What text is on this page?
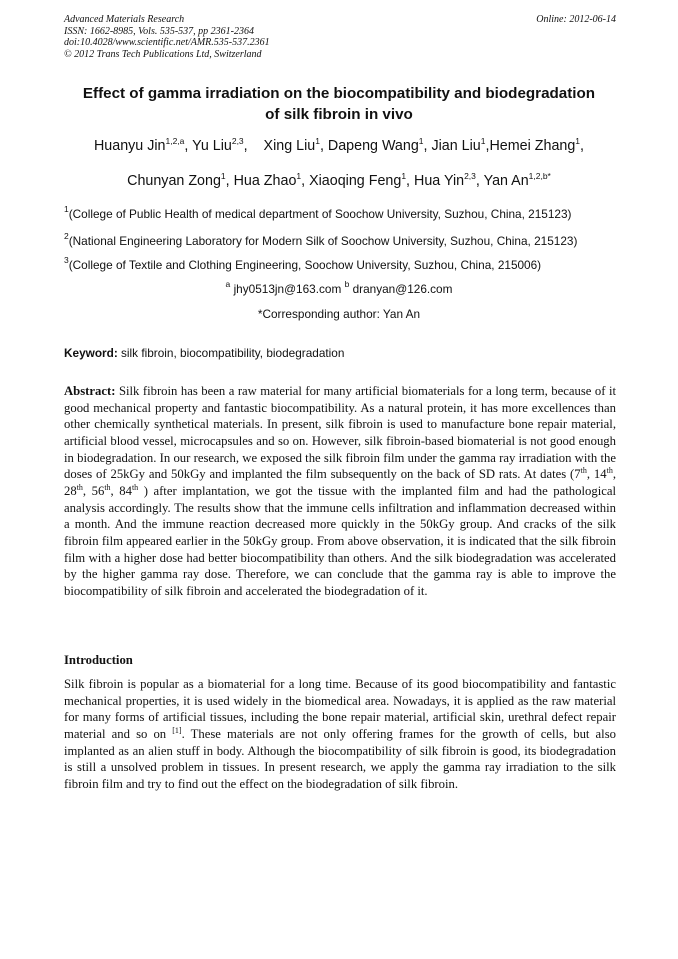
Advanced Materials Research
ISSN: 1662-8985, Vols. 535-537, pp 2361-2364
doi:10.4028/www.scientific.net/AMR.535-537.2361
© 2012 Trans Tech Publications Ltd, Switzerland
Online: 2012-06-14
Effect of gamma irradiation on the biocompatibility and biodegradation
of silk fibroin in vivo
Huanyu Jin$^{1,2,a}$, Yu Liu$^{2,3}$,    Xing Liu$^1$, Dapeng Wang$^1$, Jian Liu$^1$,Hemei Zhang$^1$,
Chunyan Zong$^1$, Hua Zhao$^1$, Xiaoqing Feng$^1$, Hua Yin$^{2,3}$, Yan $An^{1,2,b*}$
$^1$(College of Public Health of medical department of Soochow University, Suzhou, China, 215123)
$^2$(National Engineering Laboratory for Modern Silk of Soochow University, Suzhou, China, 215123)
$^3$(College of Textile and Clothing Engineering, Soochow University, Suzhou, China, 215006)
$^a$ jhy0513jn@163.com $^b$ dranyan@126.com
*Corresponding author: Yan An
Keyword: silk fibroin, biocompatibility, biodegradation
Abstract: Silk fibroin has been a raw material for many artificial biomaterials for a long term, because of it good mechanical property and fantastic biocompatibility. As a natural protein, it has more excellences than other chemically synthetical materials. In present, silk fibroin is used to manufacture bone repair material, artificial blood vessel, microcapsules and so on. However, silk fibroin-based biomaterial is not good enough in biodegradation. In our research, we exposed the silk fibroin film under the gamma ray irradiation with the doses of 25kGy and 50kGy and implanted the film subsequently on the back of SD rats. At dates (7th, 14th, 28th, 56th, 84th ) after implantation, we got the tissue with the implanted film and had the pathological analysis accordingly. The results show that the immune cells infiltration and inflammation decreased within a month. And the immune reaction decreased more quickly in the 50kGy group. And cracks of the silk fibroin film appeared earlier in the 50kGy group. From above observation, it is indicated that the silk fibroin film with a higher dose had better biocompatibility than others. And the silk biodegradation was accelerated by the higher gamma ray dose. Therefore, we can conclude that the gamma ray is able to improve the biocompatibility of silk fibroin and accelerated the biodegradation of it.
Introduction
Silk fibroin is popular as a biomaterial for a long time. Because of its good biocompatibility and fantastic mechanical properties, it is used widely in the biomedical area. Nowadays, it is applied as the raw material for many forms of artificial tissues, including the bone repair material, artificial skin, urethral defect repair material and so on [1]. These materials are not only offering frames for the growth of cells, but also implanted as an alien stuff in body. Although the biocompatibility of silk fibroin is good, its biodegradation is still a unsolved problem in tissues. In present research, we apply the gamma ray irradiation to the silk fibroin film and try to find out the effect on the biodegradation of silk fibroin.
